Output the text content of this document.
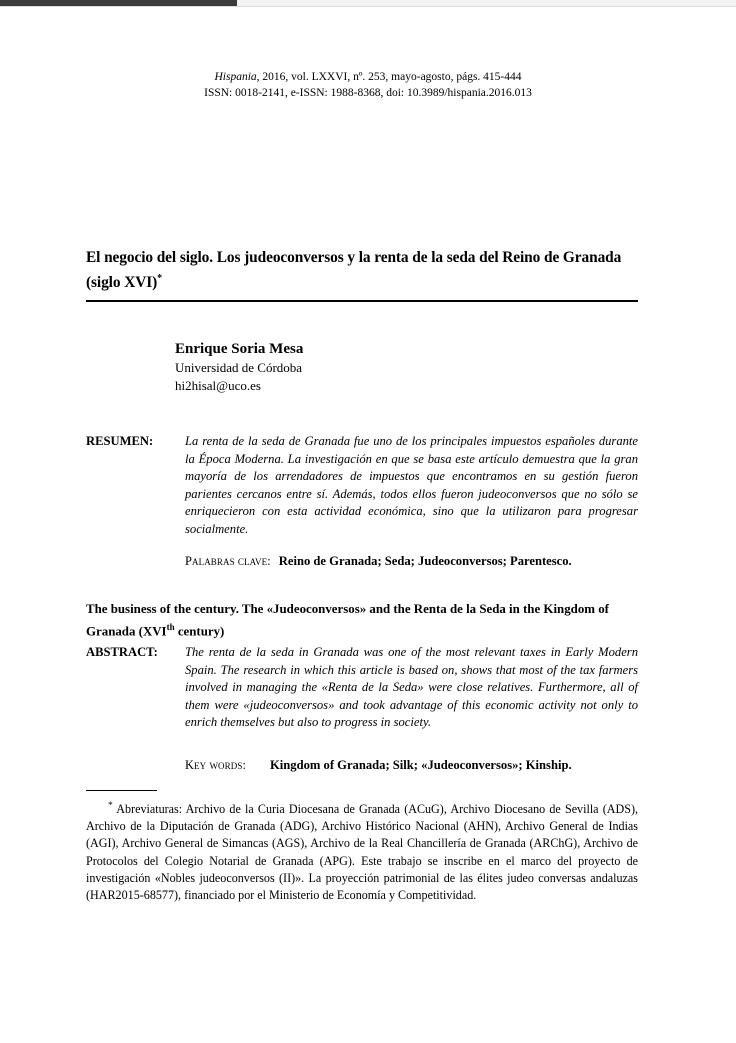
Hispania, 2016, vol. LXXVI, nº. 253, mayo-agosto, págs. 415-444
ISSN: 0018-2141, e-ISSN: 1988-8368, doi: 10.3989/hispania.2016.013
El negocio del siglo. Los judeoconversos y la renta de la seda del Reino de Granada (siglo XVI)*
Enrique Soria Mesa
Universidad de Córdoba
hi2hisal@uco.es
RESUMEN:	La renta de la seda de Granada fue uno de los principales impuestos españoles durante la Época Moderna. La investigación en que se basa este artículo demuestra que la gran mayoría de los arrendadores de impuestos que encontramos en su gestión fueron parientes cercanos entre sí. Además, todos ellos fueron judeoconversos que no sólo se enriquecieron con esta actividad económica, sino que la utilizaron para progresar socialmente.
Palabras clave: Reino de Granada; Seda; Judeoconversos; Parentesco.
The business of the century. The «Judeoconversos» and the Renta de la Seda in the Kingdom of Granada (XVIth century)
ABSTRACT:	The renta de la seda in Granada was one of the most relevant taxes in Early Modern Spain. The research in which this article is based on, shows that most of the tax farmers involved in managing the «Renta de la Seda» were close relatives. Furthermore, all of them were «judeoconversos» and took advantage of this economic activity not only to enrich themselves but also to progress in society.
Key words: Kingdom of Granada; Silk; «Judeoconversos»; Kinship.
* Abreviaturas: Archivo de la Curia Diocesana de Granada (ACuG), Archivo Diocesano de Sevilla (ADS), Archivo de la Diputación de Granada (ADG), Archivo Histórico Nacional (AHN), Archivo General de Indias (AGI), Archivo General de Simancas (AGS), Archivo de la Real Chancillería de Granada (ARChG), Archivo de Protocolos del Colegio Notarial de Granada (APG). Este trabajo se inscribe en el marco del proyecto de investigación «Nobles judeoconversos (II)». La proyección patrimonial de las élites judeo conversas andaluzas (HAR2015-68577), financiado por el Ministerio de Economía y Competitividad.
